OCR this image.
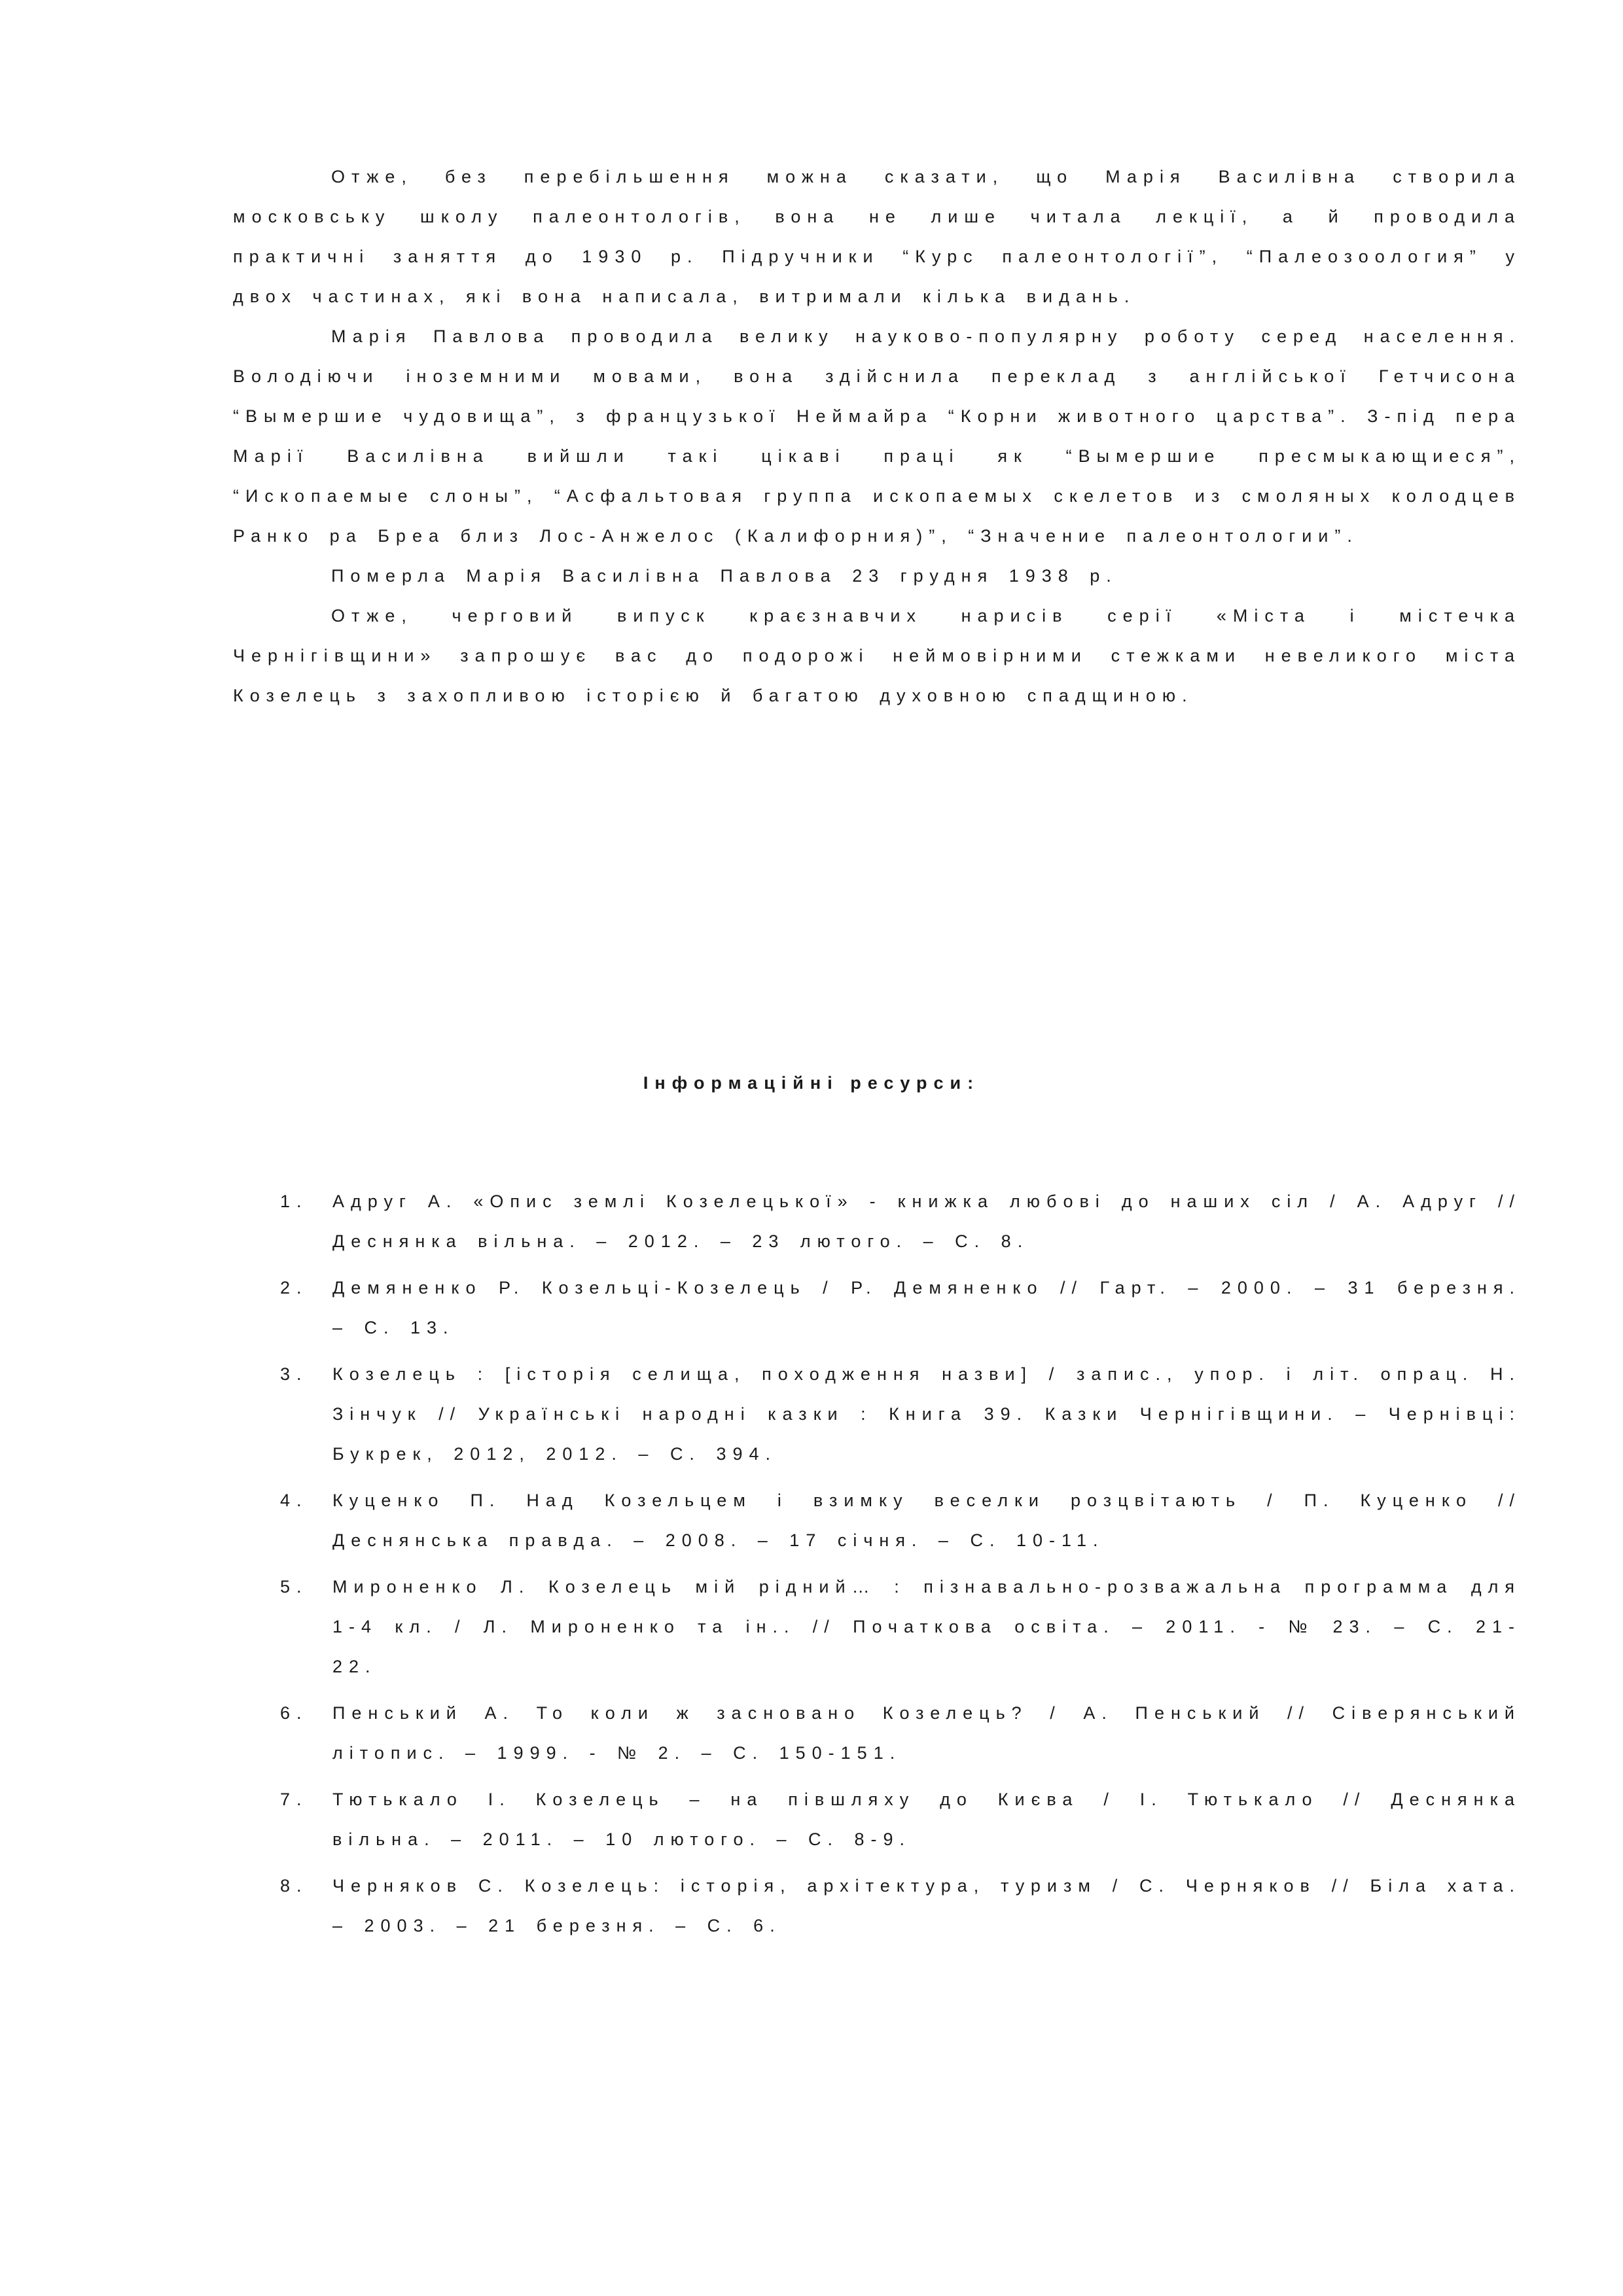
Отже, без перебільшення можна сказати, що Марія Василівна створила московську школу палеонтологів, вона не лише читала лекції, а й проводила практичні заняття до 1930 р. Підручники “Курс палеонтології”, “Палеозоология” у двох частинах, які вона написала, витримали кілька видань.

Марія Павлова проводила велику науково-популярну роботу серед населення. Володіючи іноземними мовами, вона здійснила переклад з англійської Гетчисона “Вымершие чудовища”, з французької Неймайра “Корни животного царства”. З-під пера Марії Василівна вийшли такі цікаві праці як “Вымершие пресмыкающиеся”, “Ископаемые слоны”, “Асфальтовая группа ископаемых скелетов из смоляных колодцев Ранко ра Бреа близ Лос-Анжелос (Калифорния)”, “Значение палеонтологии”.

Померла Марія Василівна Павлова 23 грудня 1938 р.

Отже, черговий випуск краєзнавчих нарисів серії «Міста і містечка Чернігівщини» запрошує вас до подорожі неймовірними стежками невеликого міста Козелець з захопливою історією й багатою духовною спадщиною.

Інформаційні ресурси:

1.	Адруг А. «Опис землі Козелецької» - книжка любові до наших сіл / А. Адруг // Деснянка вільна. – 2012. – 23 лютого. – С. 8.
2.	Демяненко Р. Козельці-Козелець / Р. Демяненко // Гарт. – 2000. – 31 березня. – С. 13.
3.	Козелець : [історія селища, походження назви] / запис., упор. і літ. опрац. Н. Зінчук // Українські народні казки : Книга 39. Казки Чернігівщини. – Чернівці: Букрек, 2012, 2012. – С. 394.
4.	Куценко П. Над Козельцем і взимку веселки розцвітають / П. Куценко // Деснянська правда. – 2008. – 17 січня. – С. 10-11.
5.	Мироненко Л. Козелець мій рідний… : пізнавально-розважальна программа для 1-4 кл. / Л. Мироненко та ін.. // Початкова освіта. – 2011. - № 23. – С. 21-22.
6.	Пенський А. То коли ж засновано Козелець? / А. Пенський // Сіверянський літопис. – 1999. - № 2. – С. 150-151.
7.	Тютькало І. Козелець – на півшляху до Києва / І. Тютькало // Деснянка вільна. – 2011. – 10 лютого. – С. 8-9.
8.	Черняков С. Козелець: історія, архітектура, туризм / С. Черняков // Біла хата. – 2003. – 21 березня. – С. 6.
